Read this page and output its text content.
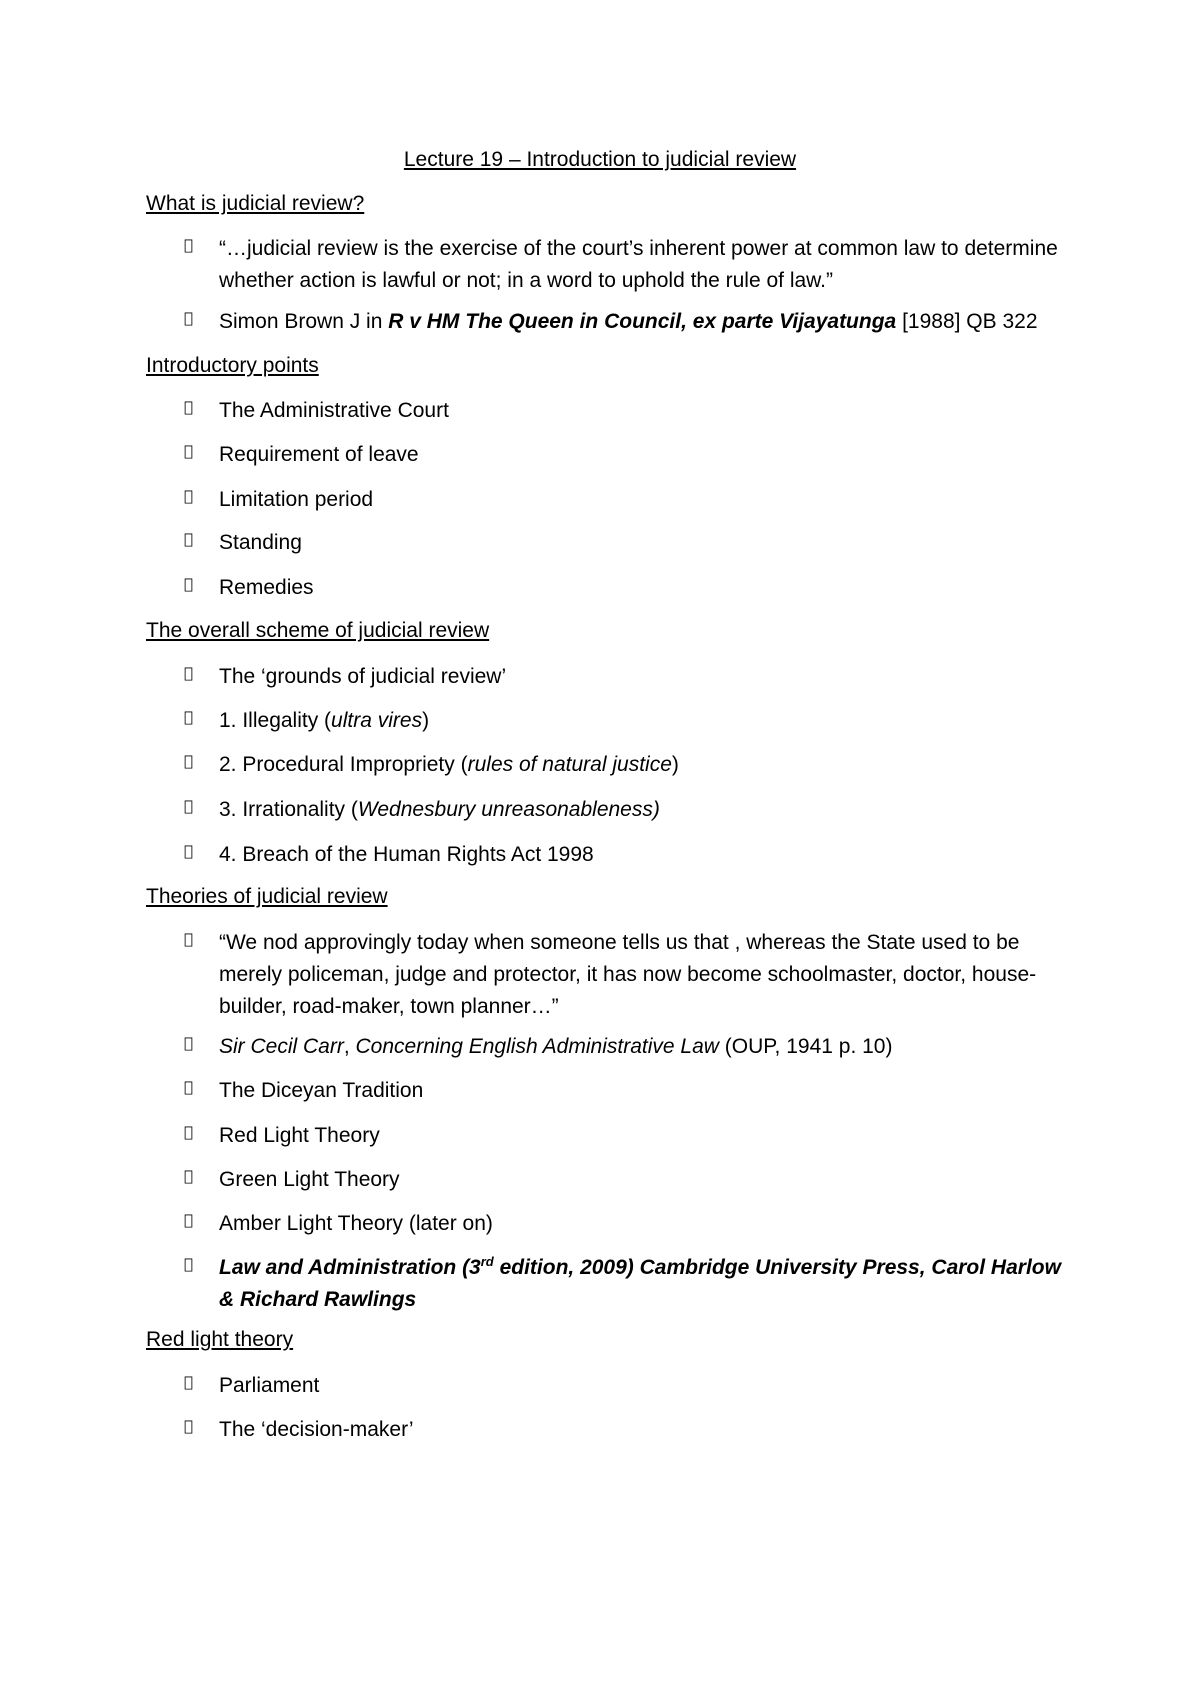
Lecture 19 – Introduction to judicial review
What is judicial review?
“…judicial review is the exercise of the court’s inherent power at common law to determine whether action is lawful or not; in a word to uphold the rule of law.”
Simon Brown J in R v HM The Queen in Council, ex parte Vijayatunga [1988] QB 322
Introductory points
The Administrative Court
Requirement of leave
Limitation period
Standing
Remedies
The overall scheme of judicial review
The ‘grounds of judicial review’
1. Illegality (ultra vires)
2. Procedural Impropriety (rules of natural justice)
3. Irrationality (Wednesbury unreasonableness)
4. Breach of the Human Rights Act 1998
Theories of judicial review
“We nod approvingly today when someone tells us that , whereas the State used to be merely policeman, judge and protector, it has now become schoolmaster, doctor, house-builder, road-maker, town planner…”
Sir Cecil Carr, Concerning English Administrative Law (OUP, 1941 p. 10)
The Diceyan Tradition
Red Light Theory
Green Light Theory
Amber Light Theory (later on)
Law and Administration (3rd edition, 2009) Cambridge University Press, Carol Harlow & Richard Rawlings
Red light theory
Parliament
The ‘decision-maker’
